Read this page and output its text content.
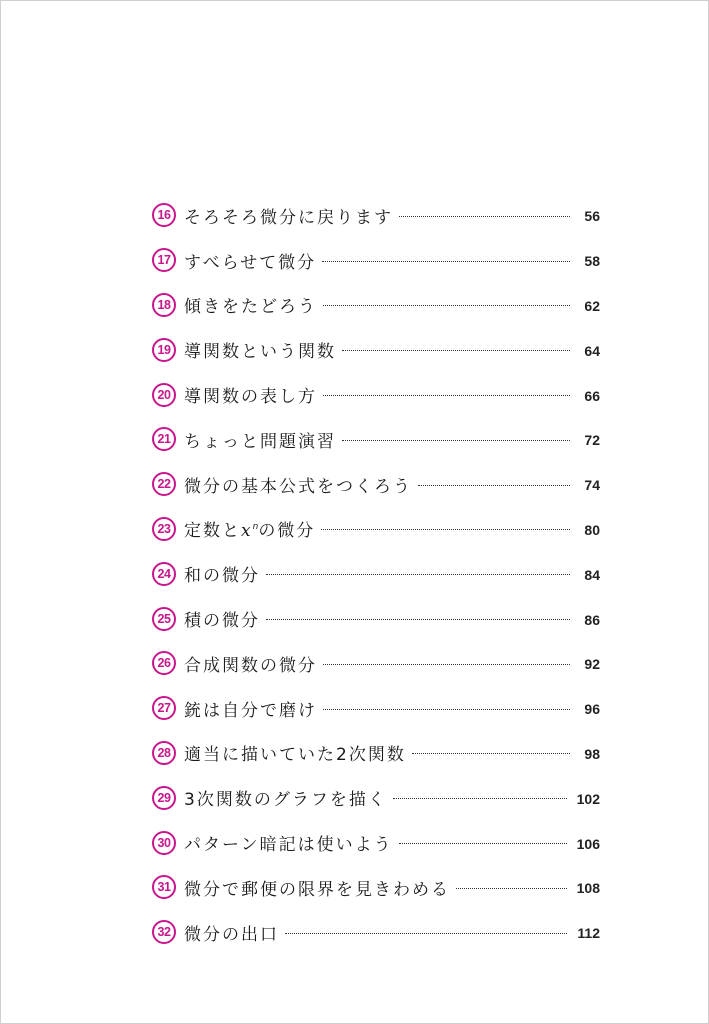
16 そろそろ微分に戻ります	56
17 すべらせて微分	58
18 傾きをたどろう	62
19 導関数という関数	64
20 導関数の表し方	66
21 ちょっと問題演習	72
22 微分の基本公式をつくろう	74
23 定数と$x^n$の微分	80
24 和の微分	84
25 積の微分	86
26 合成関数の微分	92
27 銃は自分で磨け	96
28 適当に描いていた2次関数	98
29 3次関数のグラフを描く	102
30 パターン暗記は使いよう	106
31 微分で郵便の限界を見きわめる	108
32 微分の出口	112
